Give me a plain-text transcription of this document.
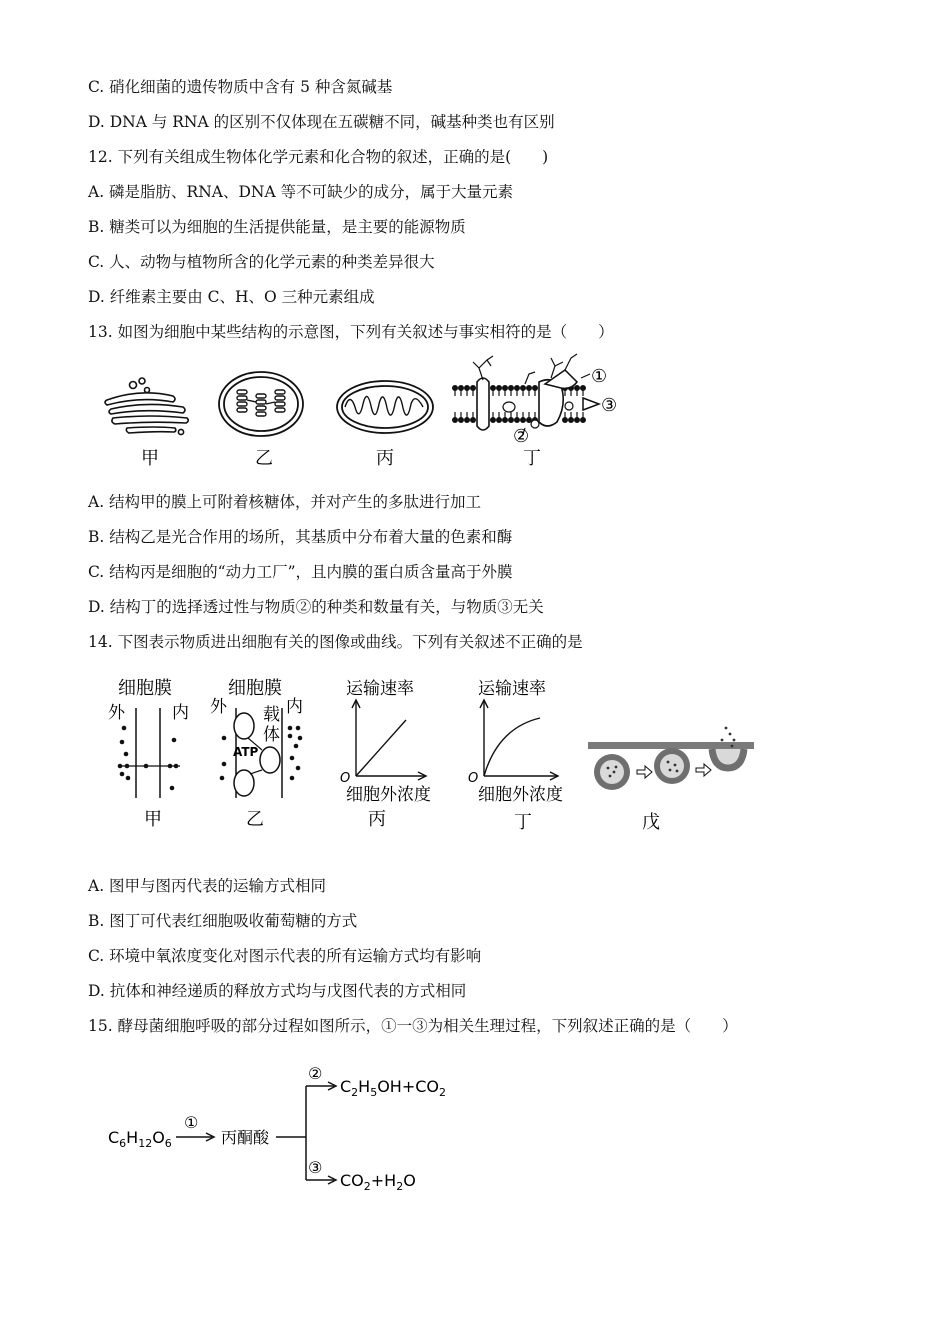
C. 硝化细菌的遗传物质中含有 5 种含氮碱基
D. DNA 与 RNA 的区别不仅体现在五碳糖不同，碱基种类也有区别
12. 下列有关组成生物体化学元素和化合物的叙述，正确的是(　　)
A. 磷是脂肪、RNA、DNA 等不可缺少的成分，属于大量元素
B. 糖类可以为细胞的生活提供能量，是主要的能源物质
C. 人、动物与植物所含的化学元素的种类差异很大
D. 纤维素主要由 C、H、O 三种元素组成
13. 如图为细胞中某些结构的示意图，下列有关叙述与事实相符的是（　　）
①
②
③
甲	乙	丙	丁
A. 结构甲的膜上可附着核糖体，并对产生的多肽进行加工
B. 结构乙是光合作用的场所，其基质中分布着大量的色素和酶
C. 结构丙是细胞的“动力工厂”，且内膜的蛋白质含量高于外膜
D. 结构丁的选择透过性与物质②的种类和数量有关，与物质③无关
14. 下图表示物质进出细胞有关的图像或曲线。下列有关叙述不正确的是
细胞膜
外	内
甲
细胞膜
外	内
载
体
ATP
乙
运输速率
O
细胞外浓度
丙
运输速率
O
细胞外浓度
丁	戊
A. 图甲与图丙代表的运输方式相同
B. 图丁可代表红细胞吸收葡萄糖的方式
C. 环境中氧浓度变化对图示代表的所有运输方式均有影响
D. 抗体和神经递质的释放方式均与戊图代表的方式相同
15. 酵母菌细胞呼吸的部分过程如图所示，①一③为相关生理过程，下列叙述正确的是（　　）
$C_6H_{12}O_6$
①
丙酮酸
②
③
$C_2H_5OH+CO_2$
$CO_2+H_2O$
